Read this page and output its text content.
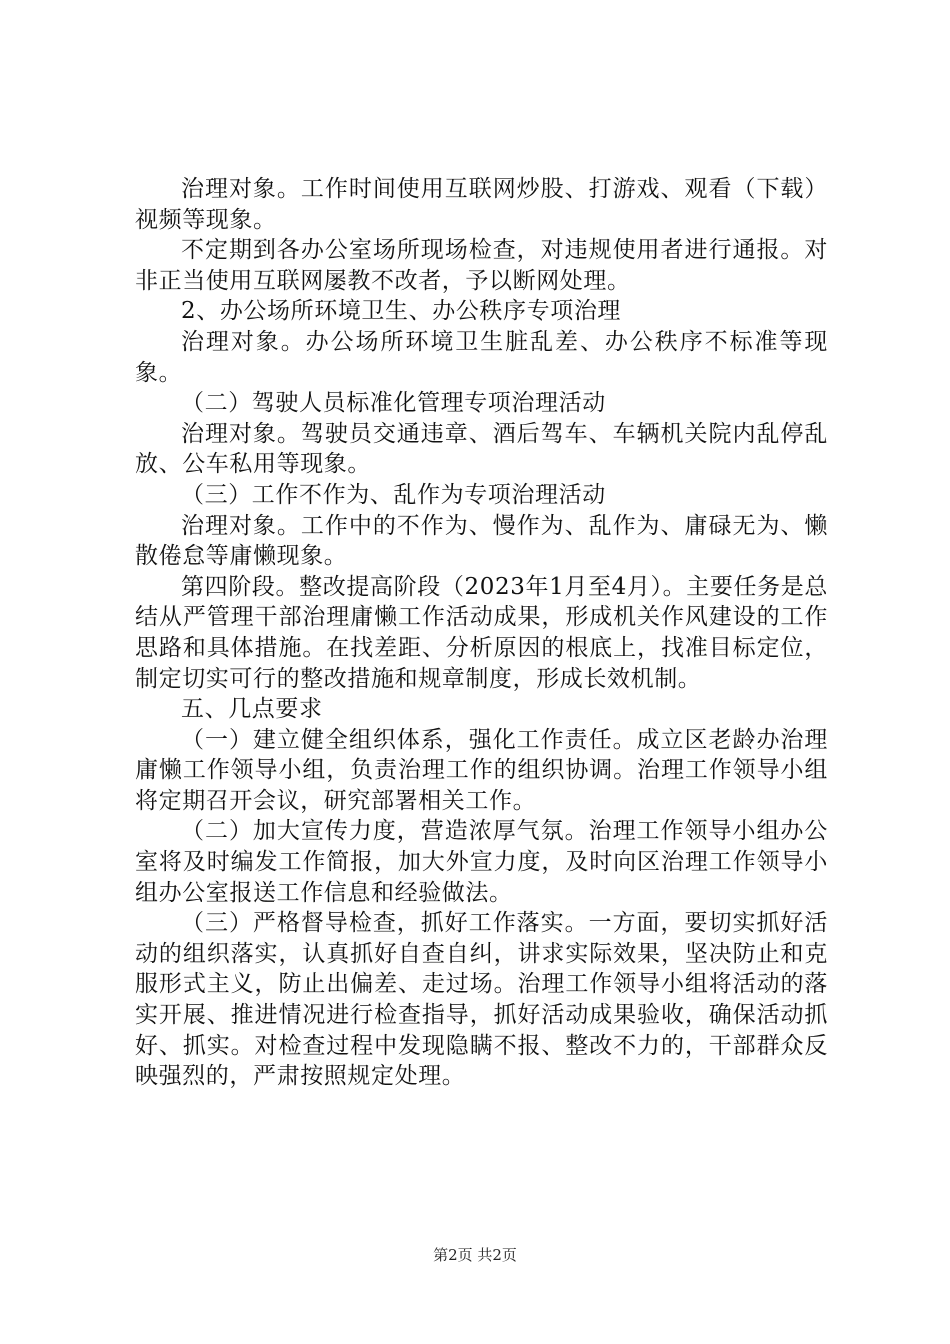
治理对象。工作时间使用互联网炒股、打游戏、观看（下载）视频等现象。

不定期到各办公室场所现场检查，对违规使用者进行通报。对非正当使用互联网屡教不改者，予以断网处理。

2、办公场所环境卫生、办公秩序专项治理

治理对象。办公场所环境卫生脏乱差、办公秩序不标准等现象。

（二）驾驶人员标准化管理专项治理活动

治理对象。驾驶员交通违章、酒后驾车、车辆机关院内乱停乱放、公车私用等现象。

（三）工作不作为、乱作为专项治理活动

治理对象。工作中的不作为、慢作为、乱作为、庸碌无为、懒散倦怠等庸懒现象。

第四阶段。整改提高阶段（2023年1月至4月）。主要任务是总结从严管理干部治理庸懒工作活动成果，形成机关作风建设的工作思路和具体措施。在找差距、分析原因的根底上，找准目标定位，制定切实可行的整改措施和规章制度，形成长效机制。

五、几点要求

（一）建立健全组织体系，强化工作责任。成立区老龄办治理庸懒工作领导小组，负责治理工作的组织协调。治理工作领导小组将定期召开会议，研究部署相关工作。

（二）加大宣传力度，营造浓厚气氛。治理工作领导小组办公室将及时编发工作简报，加大外宣力度，及时向区治理工作领导小组办公室报送工作信息和经验做法。

（三）严格督导检查，抓好工作落实。一方面，要切实抓好活动的组织落实，认真抓好自查自纠，讲求实际效果，坚决防止和克服形式主义，防止出偏差、走过场。治理工作领导小组将活动的落实开展、推进情况进行检查指导，抓好活动成果验收，确保活动抓好、抓实。对检查过程中发现隐瞒不报、整改不力的，干部群众反映强烈的，严肃按照规定处理。

第2页 共2页
